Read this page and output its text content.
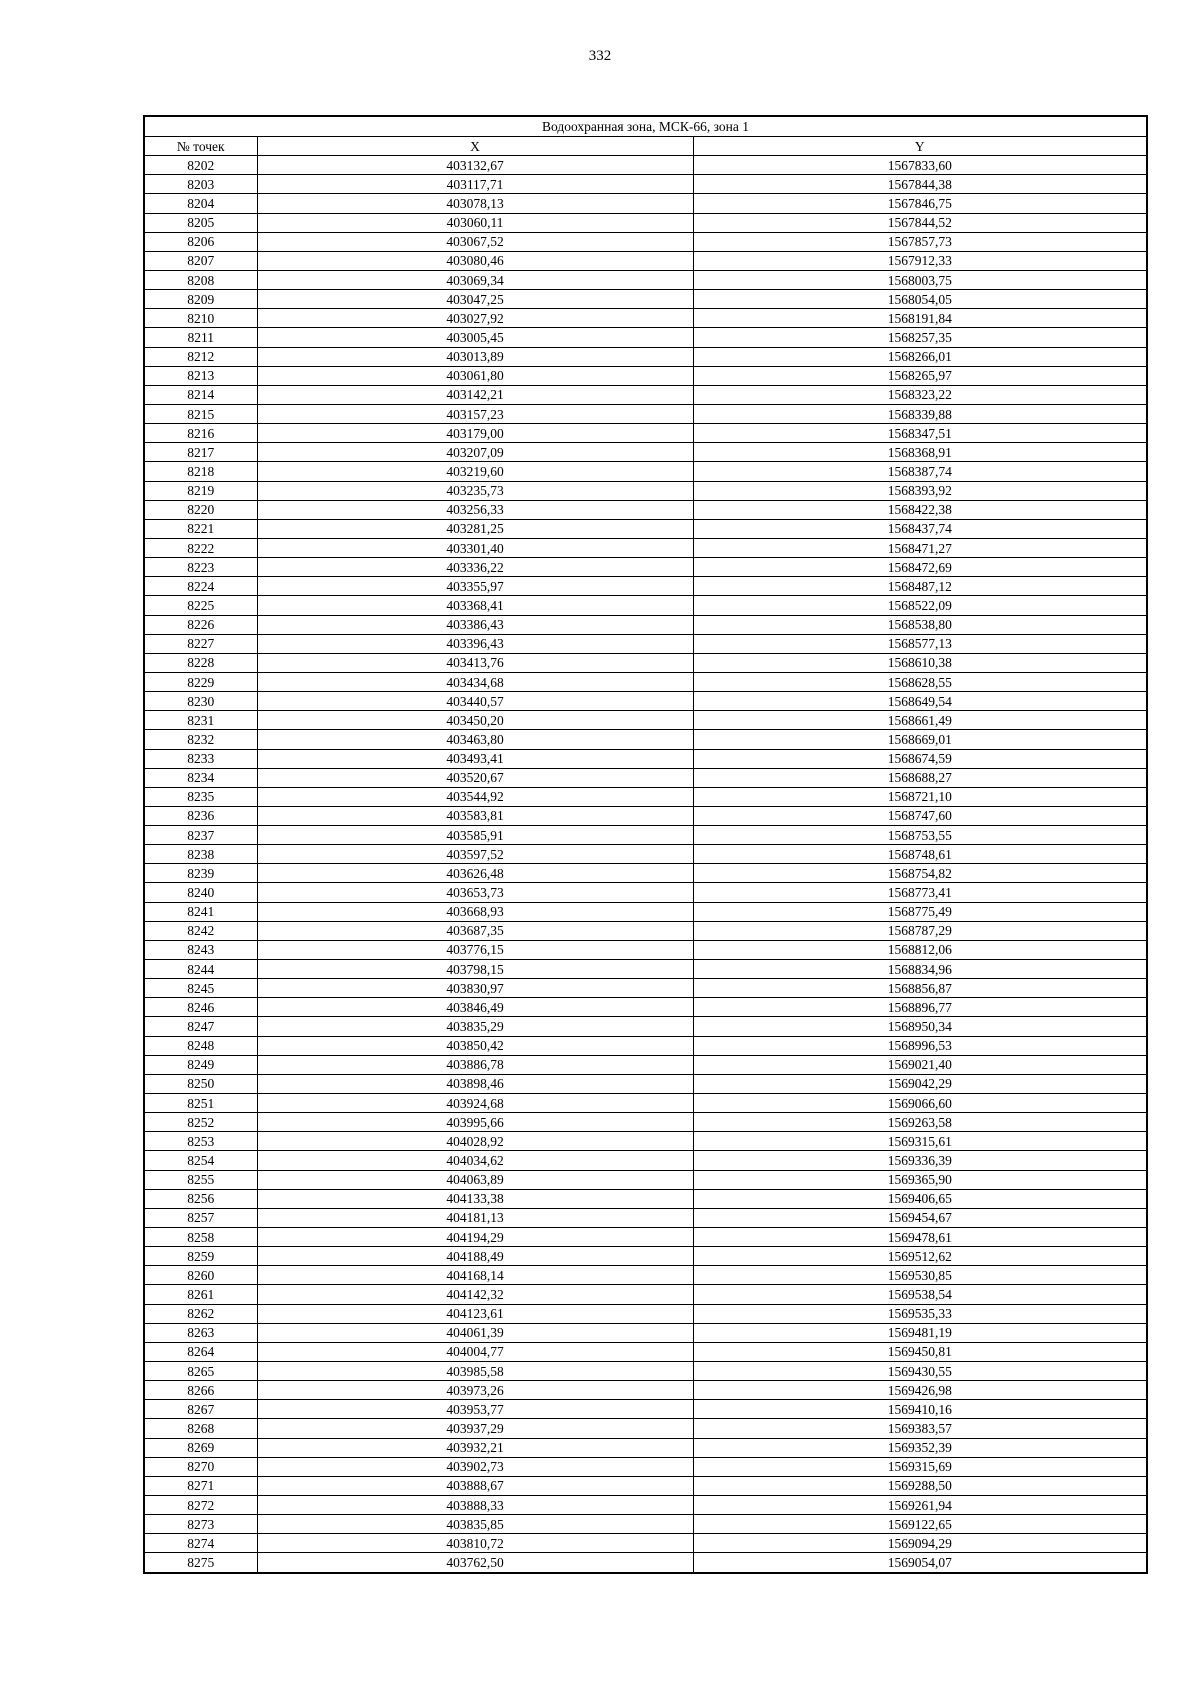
332
Водоохранная зона, МСК-66, зона 1		
№ точек	X	Y
8202	403132,67	1567833,60
8203	403117,71	1567844,38
8204	403078,13	1567846,75
8205	403060,11	1567844,52
8206	403067,52	1567857,73
8207	403080,46	1567912,33
8208	403069,34	1568003,75
8209	403047,25	1568054,05
8210	403027,92	1568191,84
8211	403005,45	1568257,35
8212	403013,89	1568266,01
8213	403061,80	1568265,97
8214	403142,21	1568323,22
8215	403157,23	1568339,88
8216	403179,00	1568347,51
8217	403207,09	1568368,91
8218	403219,60	1568387,74
8219	403235,73	1568393,92
8220	403256,33	1568422,38
8221	403281,25	1568437,74
8222	403301,40	1568471,27
8223	403336,22	1568472,69
8224	403355,97	1568487,12
8225	403368,41	1568522,09
8226	403386,43	1568538,80
8227	403396,43	1568577,13
8228	403413,76	1568610,38
8229	403434,68	1568628,55
8230	403440,57	1568649,54
8231	403450,20	1568661,49
8232	403463,80	1568669,01
8233	403493,41	1568674,59
8234	403520,67	1568688,27
8235	403544,92	1568721,10
8236	403583,81	1568747,60
8237	403585,91	1568753,55
8238	403597,52	1568748,61
8239	403626,48	1568754,82
8240	403653,73	1568773,41
8241	403668,93	1568775,49
8242	403687,35	1568787,29
8243	403776,15	1568812,06
8244	403798,15	1568834,96
8245	403830,97	1568856,87
8246	403846,49	1568896,77
8247	403835,29	1568950,34
8248	403850,42	1568996,53
8249	403886,78	1569021,40
8250	403898,46	1569042,29
8251	403924,68	1569066,60
8252	403995,66	1569263,58
8253	404028,92	1569315,61
8254	404034,62	1569336,39
8255	404063,89	1569365,90
8256	404133,38	1569406,65
8257	404181,13	1569454,67
8258	404194,29	1569478,61
8259	404188,49	1569512,62
8260	404168,14	1569530,85
8261	404142,32	1569538,54
8262	404123,61	1569535,33
8263	404061,39	1569481,19
8264	404004,77	1569450,81
8265	403985,58	1569430,55
8266	403973,26	1569426,98
8267	403953,77	1569410,16
8268	403937,29	1569383,57
8269	403932,21	1569352,39
8270	403902,73	1569315,69
8271	403888,67	1569288,50
8272	403888,33	1569261,94
8273	403835,85	1569122,65
8274	403810,72	1569094,29
8275	403762,50	1569054,07
